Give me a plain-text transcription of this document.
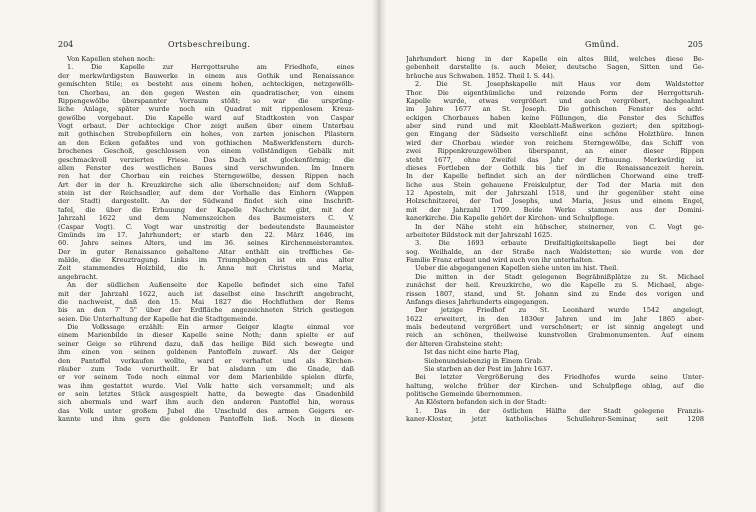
204	Ortsbeschreibung.
Von Kapellen stehen noch:
1. Die Kapelle zur Herrgottsruhe am Friedhofe, eines
der merkwürdigsten Bauwerke in einem aus Gothik und Renaissance
gemischten Stile; es besteht aus einem hohen, achteckigen, netzgewölb-
ten Chorbau, an den gegen Westen ein quadratischer, von einem
Rippengewölbe überspannter Vorraum stößt; so war die ursprüng-
liche Anlage, später wurde noch ein Quadrat mit rippenlosem Kreuz-
gewölbe vorgebaut. Die Kapelle ward auf Stadtkosten von Caspar
Vogt erbaut. Der achteckige Chor zeigt außen über einem Unterbau
mit gothischen Strebepfeilern ein hohes, von zarten jonischen Pilastern
an den Ecken gefaßtes und von gothischen Maßwerkfenstern durch-
brochenes Geschoß, geschlossen von einem vollständigen Gebälk mit
geschmackvoll verzierten Friese. Das Dach ist glockenförmig; die
allen Fenster des westlichen Baues sind verschwunden. Im Innern
ren hat der Chorbau ein reiches Sterngewölbe, dessen Rippen nach
Art der in der h. Kreuzkirche sich alle überschneiden; auf dem Schluß-
stein ist der Reichsadler, auf dem der Vorhalle das Einhorn (Wappen
der Stadt) dargestellt. An der Südwand findet sich eine Inschrift-
tafel, die über die Erbauung der Kapelle Nachricht gibt, mit der
Jahrzahl 1622 und dem Namenszeichen des Baumeisters C. V.
(Caspar Vogt). C. Vogt war unstreitig der bedeutendste Baumeister
Gmünds im 17. Jahrhundert; er starb den 22. März 1646, im
60. Jahre seines Alters, und im 36. seines Kirchenmeisteramtes.
Der in guter Renaissance gehaltene Altar enthält ein treffliches Ge-
mälde, die Kreuztragung. Links im Triumphbogen ist ein aus alter
Zeit stammendes Holzbild, die h. Anna mit Christus und Maria,
angebracht.
An der südlichen Außenseite der Kapelle befindet sich eine Tafel
mit der Jahrzahl 1622, auch ist daselbst eine Inschrift angebracht,
die nachweist, daß den 15. Mai 1827 die Hochfluthen der Rems
bis an den 7' 5" über der Erdfläche angezeichneten Strich gestiegen
seien. Die Unterhaltung der Kapelle hat die Stadtgemeinde.
Die Volkssage erzählt: Ein armer Geiger klagte einmal vor
einem Marienbilde in dieser Kapelle seine Noth; dann spielte er auf
seiner Geige so rührend dazu, daß das heilige Bild sich bewegte und
ihm einen von seinen goldenen Pantoffeln zuwarf. Als der Geiger
den Pantoffel verkaufen wollte, ward er verhaftet und als Kirchen-
räuber zum Tode verurtheilt. Er bat alsdann um die Gnade, daß
er vor seinem Tode noch einmal vor dem Marienbilde spielen dürfe,
was ihm gestattet wurde. Viel Volk hatte sich versammelt; und als
er sein letztes Stück ausgespielt hatte, da bewegte das Gnadenbild
sich abermals und warf ihm auch den anderen Pantoffel hin, woraus
das Volk unter großem Jubel die Unschuld des armen Geigers er-
kannte und ihm gern die goldenen Pantoffeln ließ. Noch in diesem
Gmünd.	205
Jahrhundert hieng in der Kapelle ein altes Bild, welches diese Be-
gebenheit darstellte (s. auch Meier, deutsche Sagen, Sitten und Ge-
bräuche aus Schwaben. 1852. Theil I. S. 44).
2. Die St. Josephskapelle mit Haus vor dem Waldstetter
Thor. Die eigenthümliche und reizende Form der Herrgottsruh-
Kapelle wurde, etwas vergrößert und auch vergröbert, nachgeahmt
im Jahre 1677 an St. Joseph. Die gothischen Fenster des acht-
eckigen Chorbaues haben keine Füllungen, die Fenster des Schiffes
aber sind rund und mit Kleeblatt-Maßwerken geziert; den spitzbogi-
gen Eingang der Südseite verschließt eine schöne Holzthüre. Innen
wird der Chorbau wieder von reichem Sterngewölbe, das Schiff von
zwei Rippenkreuzgewölben überspannt, an einer dieser Rippen
steht 1677, ohne Zweifel das Jahr der Erbauung. Merkwürdig ist
dieses Fortleben der Gothik bis tief in die Renaissancezeit herein.
In der Kapelle befindet sich an der nördlichen Chorwand eine treff-
liche aus Stein gehauene Freiskulptur, der Tod der Maria mit den
12 Aposteln, mit der Jahrszahl 1518, und ihr gegenüber steht eine
Holzschnitzerei, der Tod Josephs, und Maria, Jesus und einem Engel,
mit der Jahrzahl 1709. Beide Werke stammen aus der Domini-
kanerkirche. Die Kapelle gehört der Kirchen- und Schulpflege.
In der Nähe steht ein hübscher, steinerner, von C. Vogt ge-
arbeiteter Bildstock mit der Jahrszahl 1625.
3. Die 1693 erbaute Dreifaltigkeitskapelle liegt bei der
sog. Weilhalde, an der Straße nach Waldstetten; sie wurde von der
Familie Franz erbaut und wird auch von ihr unterhalten.
Ueber die abgegangenen Kapellen siehe unten im hist. Theil.
Die mitten in der Stadt gelegenen Begräbnißplätze zu St. Michael
zunächst der heil. Kreuzkirche, wo die Kapelle zu S. Michael, abge-
rissen 1807, stand, und St. Johann sind zu Ende des vorigen und
Anfangs dieses Jahrhunderts eingegangen.
Der jetzige Friedhof zu St. Leonhard wurde 1542 angelegt,
1622 erweitert, in den 1830er Jahren und im Jahr 1865 aber-
mals bedeutend vergrößert und verschönert; er ist sinnig angelegt und
reich an schönen, theilweise kunstvollen Grabmonumenten. Auf einem
der älteren Grabsteine steht:
Ist das nicht eine harte Plag,
Siebenundsiebenzig in Einem Grab.
Sie starben an der Pest im Jahre 1637.
Bei letzter Vergrößerung des Friedhofes wurde seine Unter-
haltung, welche früher der Kirchen- und Schulpflege oblag, auf die
politische Gemeinde übernommen.
An Klöstern befanden sich in der Stadt:
1. Das in der östlichen Hälfte der Stadt gelegene Franzis-
kaner-Kloster, jetzt katholisches Schullehrer-Seminar, seit 1208
